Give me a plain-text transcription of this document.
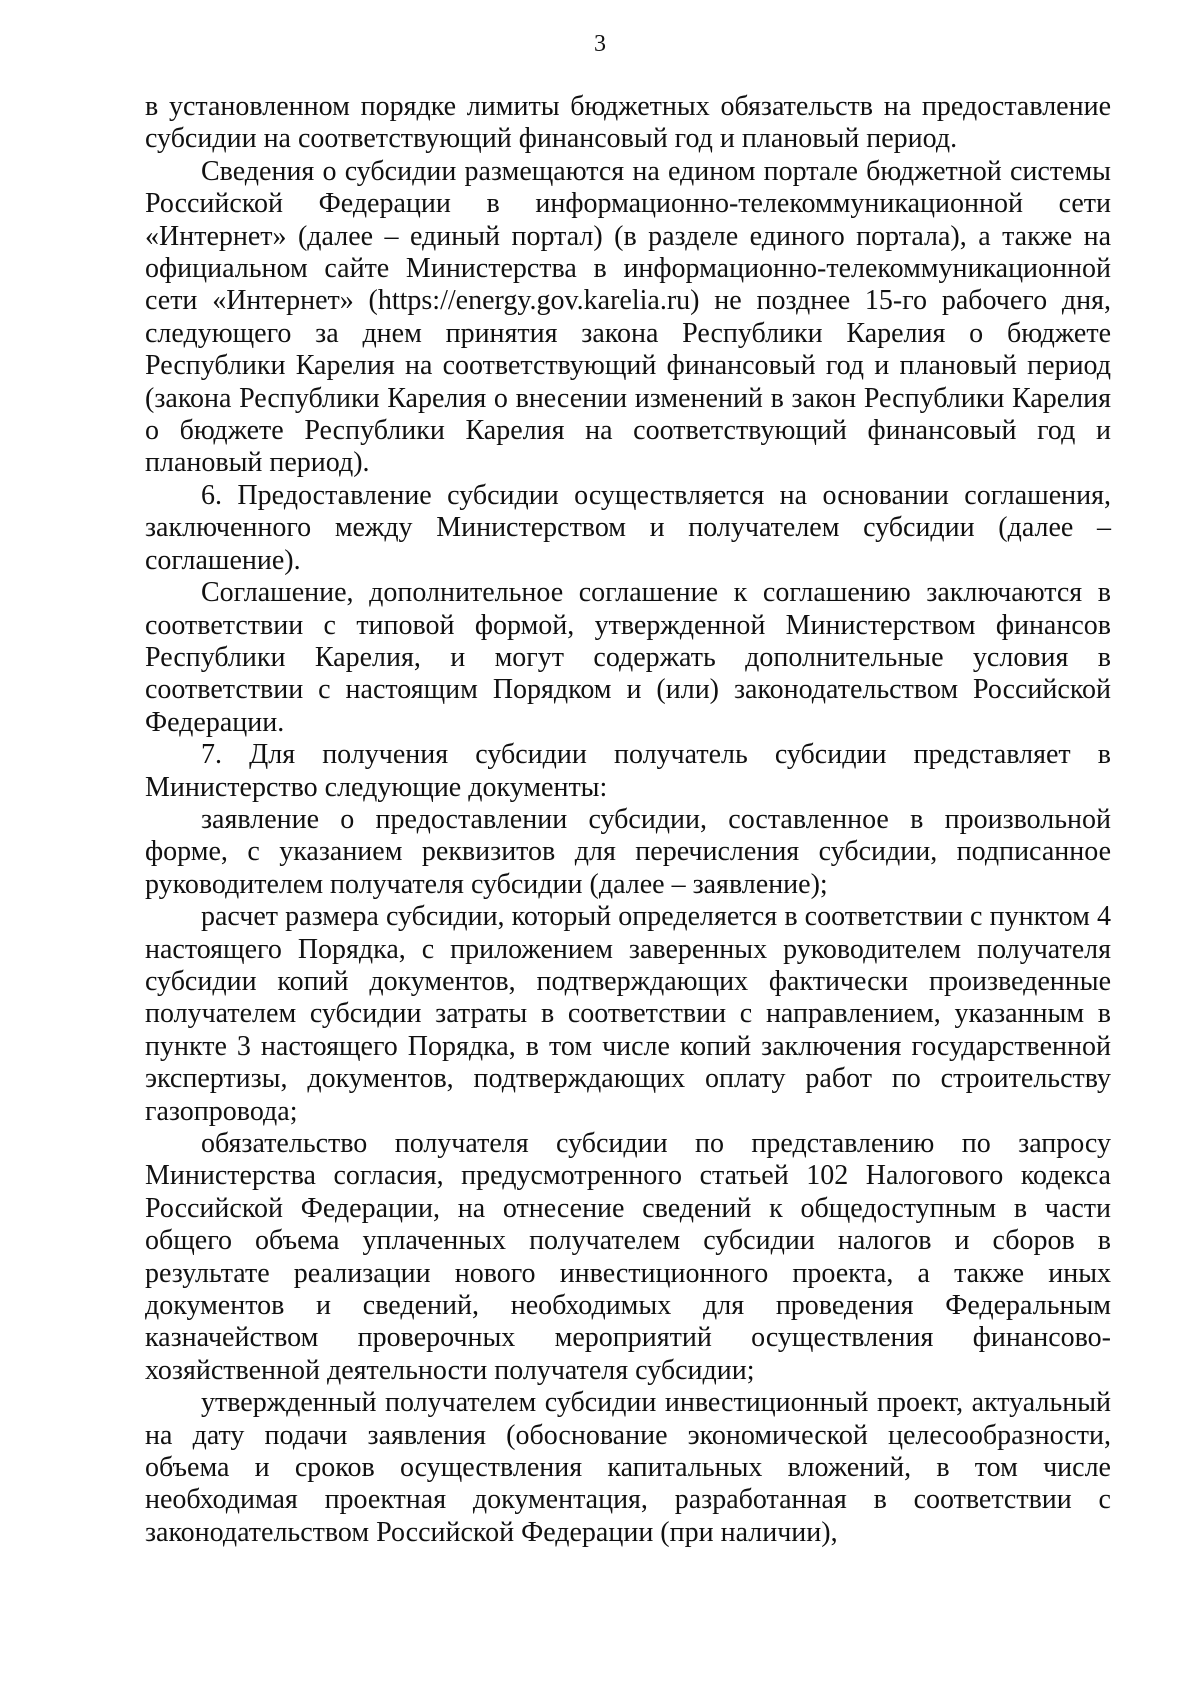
3

в установленном порядке лимиты бюджетных обязательств на предоставление субсидии на соответствующий финансовый год и плановый период.

Сведения о субсидии размещаются на едином портале бюджетной системы Российской Федерации в информационно-телекоммуникационной сети «Интернет» (далее – единый портал) (в разделе единого портала), а также на официальном сайте Министерства в информационно-телекоммуникационной сети «Интернет» (https://energy.gov.karelia.ru) не позднее 15-го рабочего дня, следующего за днем принятия закона Республики Карелия о бюджете Республики Карелия на соответствующий финансовый год и плановый период (закона Республики Карелия о внесении изменений в закон Республики Карелия о бюджете Республики Карелия на соответствующий финансовый год и плановый период).

6. Предоставление субсидии осуществляется на основании соглашения, заключенного между Министерством и получателем субсидии (далее – соглашение).

Соглашение, дополнительное соглашение к соглашению заключаются в соответствии с типовой формой, утвержденной Министерством финансов Республики Карелия, и могут содержать дополнительные условия в соответствии с настоящим Порядком и (или) законодательством Российской Федерации.

7. Для получения субсидии получатель субсидии представляет в Министерство следующие документы:

заявление о предоставлении субсидии, составленное в произвольной форме, с указанием реквизитов для перечисления субсидии, подписанное руководителем получателя субсидии (далее – заявление);

расчет размера субсидии, который определяется в соответствии с пунктом 4 настоящего Порядка, с приложением заверенных руководителем получателя субсидии копий документов, подтверждающих фактически произведенные получателем субсидии затраты в соответствии с направлением, указанным в пункте 3 настоящего Порядка, в том числе копий заключения государственной экспертизы, документов, подтверждающих оплату работ по строительству газопровода;

обязательство получателя субсидии по представлению по запросу Министерства согласия, предусмотренного статьей 102 Налогового кодекса Российской Федерации, на отнесение сведений к общедоступным в части общего объема уплаченных получателем субсидии налогов и сборов в результате реализации нового инвестиционного проекта, а также иных документов и сведений, необходимых для проведения Федеральным казначейством проверочных мероприятий осуществления финансово-хозяйственной деятельности получателя субсидии;

утвержденный получателем субсидии инвестиционный проект, актуальный на дату подачи заявления (обоснование экономической целесообразности, объема и сроков осуществления капитальных вложений, в том числе необходимая проектная документация, разработанная в соответствии с законодательством Российской Федерации (при наличии),
